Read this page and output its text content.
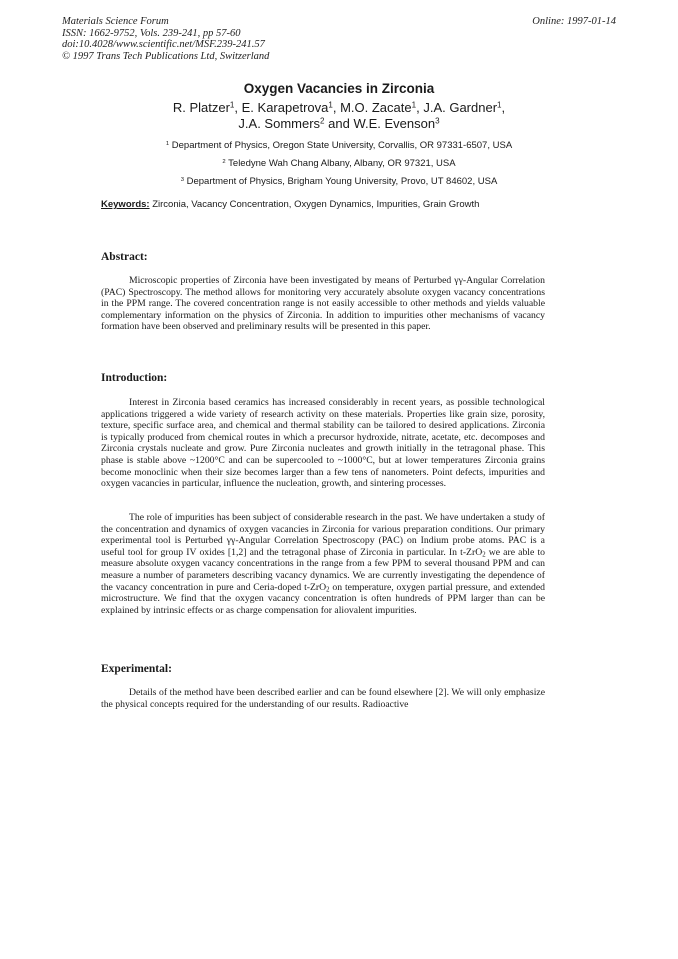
Materials Science Forum
ISSN: 1662-9752, Vols. 239-241, pp 57-60
doi:10.4028/www.scientific.net/MSF.239-241.57
© 1997 Trans Tech Publications Ltd, Switzerland
Online: 1997-01-14
Oxygen Vacancies in Zirconia
R. Platzer$^1$, E. Karapetrova$^1$, M.O. Zacate$^1$, J.A. Gardner$^1$,
J.A. Sommers$^2$ and W.E. Evenson$^3$
$^1$ Department of Physics, Oregon State University, Corvallis, OR 97331-6507, USA
$^2$ Teledyne Wah Chang Albany, Albany, OR 97321, USA
$^3$ Department of Physics, Brigham Young University, Provo, UT 84602, USA
Keywords: Zirconia, Vacancy Concentration, Oxygen Dynamics, Impurities, Grain Growth
Abstract:
Microscopic properties of Zirconia have been investigated by means of Perturbed γγ-Angular Correlation (PAC) Spectroscopy. The method allows for monitoring very accurately absolute oxygen vacancy concentrations in the PPM range. The covered concentration range is not easily accessible to other methods and yields valuable complementary information on the physics of Zirconia. In addition to impurities other mechanisms of vacancy formation have been observed and preliminary results will be presented in this paper.
Introduction:
Interest in Zirconia based ceramics has increased considerably in recent years, as possible technological applications triggered a wide variety of research activity on these materials. Properties like grain size, porosity, texture, specific surface area, and chemical and thermal stability can be tailored to desired applications. Zirconia is typically produced from chemical routes in which a precursor hydroxide, nitrate, acetate, etc. decomposes and Zirconia crystals nucleate and grow. Pure Zirconia nucleates and growth initially in the tetragonal phase. This phase is stable above ~1200°C and can be supercooled to ~1000°C, but at lower temperatures Zirconia grains become monoclinic when their size becomes larger than a few tens of nanometers. Point defects, impurities and oxygen vacancies in particular, influence the nucleation, growth, and sintering processes.
The role of impurities has been subject of considerable research in the past. We have undertaken a study of the concentration and dynamics of oxygen vacancies in Zirconia for various preparation conditions. Our primary experimental tool is Perturbed γγ-Angular Correlation Spectroscopy (PAC) on Indium probe atoms. PAC is a useful tool for group IV oxides [1,2] and the tetragonal phase of Zirconia in particular. In t-ZrO$_2$ we are able to measure absolute oxygen vacancy concentrations in the range from a few PPM to several thousand PPM and can measure a number of parameters describing vacancy dynamics. We are currently investigating the dependence of the vacancy concentration in pure and Ceria-doped t-ZrO$_2$ on temperature, oxygen partial pressure, and extended microstructure. We find that the oxygen vacancy concentration is often hundreds of PPM larger than can be explained by intrinsic effects or as charge compensation for aliovalent impurities.
Experimental:
Details of the method have been described earlier and can be found elsewhere [2]. We will only emphasize the physical concepts required for the understanding of our results. Radioactive
